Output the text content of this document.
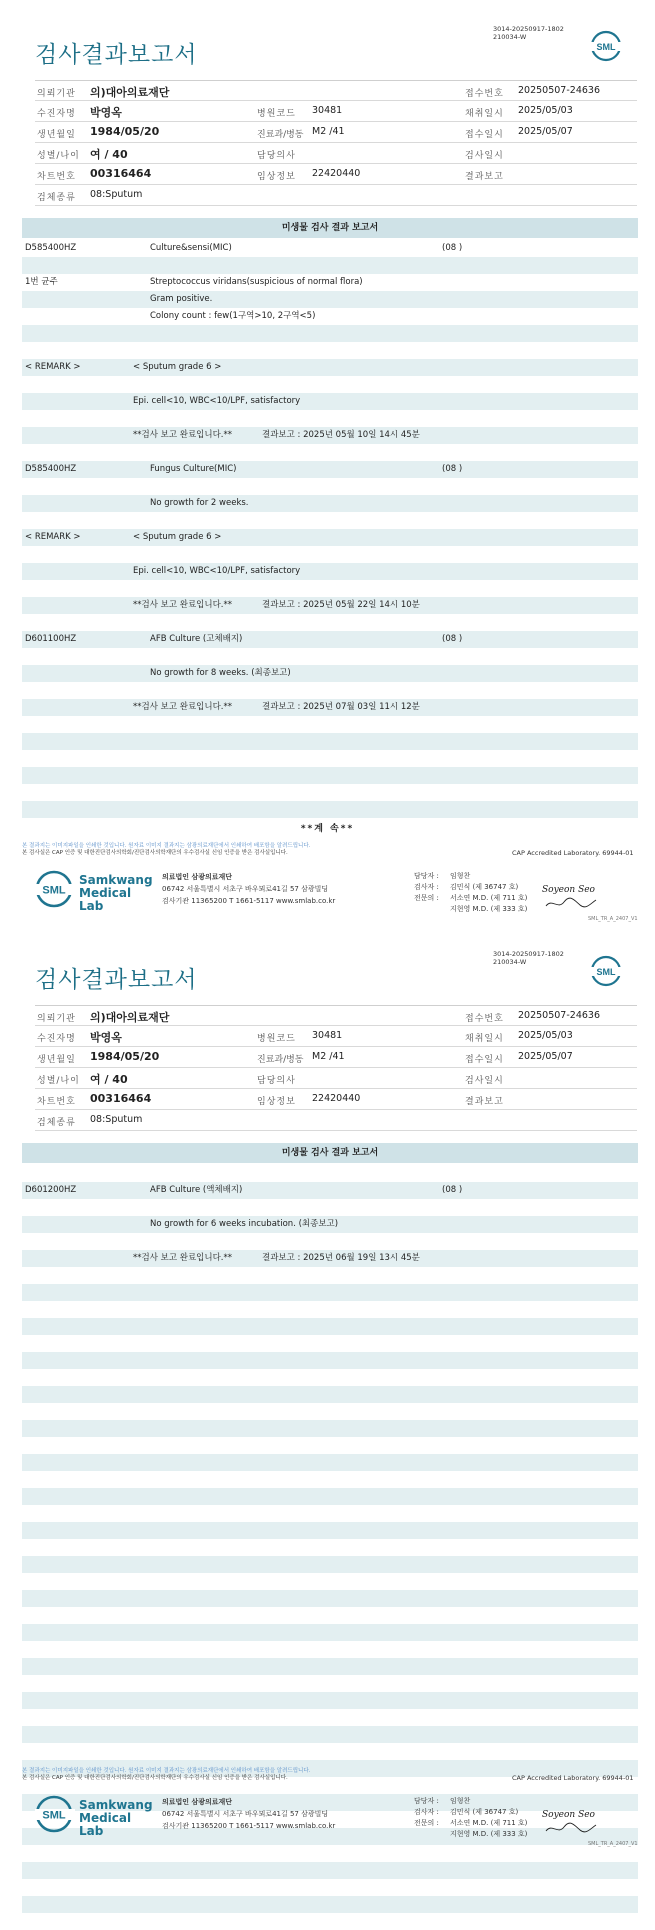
3014-20250917-1802
210034-W
검사결과보고서	SML
의뢰기관 의)대아의료재단	접수번호 20250507-24636
수진자명 박영옥	병원코드 30481	채취일시 2025/05/03
생년월일 1984/05/20	진료과/병동 M2 /41	접수일시 2025/05/07
성별/나이 여 / 40	담당의사	검사일시
차트번호 00316464	임상정보 22420440	결과보고
검체종류 08:Sputum
미생물 검사 결과 보고서
D585400HZ	Culture&sensi(MIC)	(08 )
1번 균주	Streptococcus viridans(suspicious of normal flora)
Gram positive.
Colony count : few(1구역>10, 2구역<5)
< REMARK >	< Sputum grade 6 >
Epi. cell<10, WBC<10/LPF, satisfactory
**검사 보고 완료입니다.**	결과보고 : 2025년 05월 10일 14시 45분
D585400HZ	Fungus Culture(MIC)	(08 )
No growth for 2 weeks.
< REMARK >	< Sputum grade 6 >
Epi. cell<10, WBC<10/LPF, satisfactory
**검사 보고 완료입니다.**	결과보고 : 2025년 05월 22일 14시 10분
D601100HZ	AFB Culture (고체배지)	(08 )
No growth for 8 weeks. (최종보고)
**검사 보고 완료입니다.**	결과보고 : 2025년 07월 03일 11시 12분
본 결과지는 이미지파일을 인쇄한 것입니다. 원자료 이미지 결과지는 삼광의료재단에서 인쇄하여 배포함을 알려드립니다.
본 검사실은 CAP 인증 및 대한진단검사의학회/진단검사의학재단의 우수검사실 신임 인증을 받은 검사실입니다.	CAP Accredited Laboratory. 69944-01
SML
Samkwang
Medical Lab
의료법인 삼광의료재단
06742 서울특별시 서초구 바우뫼로41길 57 삼광빌딩
검사기관 11365200 T 1661-5117 www.smlab.co.kr
담당자 : 임형찬
검사자 : 김민식 (제 36747 호)
전문의 : 서소연 M.D. (제 711 호)
지현영 M.D. (제 333 호)
Soyeon Seo
SML_TR_A_2407_V1
**계 속**
3014-20250917-1802
210034-W
검사결과보고서	SML
의뢰기관 의)대아의료재단	접수번호 20250507-24636
수진자명 박영옥	병원코드 30481	채취일시 2025/05/03
생년월일 1984/05/20	진료과/병동 M2 /41	접수일시 2025/05/07
성별/나이 여 / 40	담당의사	검사일시
차트번호 00316464	임상정보 22420440	결과보고
검체종류 08:Sputum
미생물 검사 결과 보고서
D601200HZ	AFB Culture (액체배지)	(08 )
No growth for 6 weeks incubation. (최종보고)
**검사 보고 완료입니다.**	결과보고 : 2025년 06월 19일 13시 45분
본 결과지는 이미지파일을 인쇄한 것입니다. 원자료 이미지 결과지는 삼광의료재단에서 인쇄하여 배포함을 알려드립니다.
본 검사실은 CAP 인증 및 대한진단검사의학회/진단검사의학재단의 우수검사실 신임 인증을 받은 검사실입니다.	CAP Accredited Laboratory. 69944-01
SML
Samkwang
Medical Lab
의료법인 삼광의료재단
06742 서울특별시 서초구 바우뫼로41길 57 삼광빌딩
검사기관 11365200 T 1661-5117 www.smlab.co.kr
담당자 : 임형찬
검사자 : 김민식 (제 36747 호)
전문의 : 서소연 M.D. (제 711 호)
지현영 M.D. (제 333 호)
Soyeon Seo
SML_TR_A_2407_V1
